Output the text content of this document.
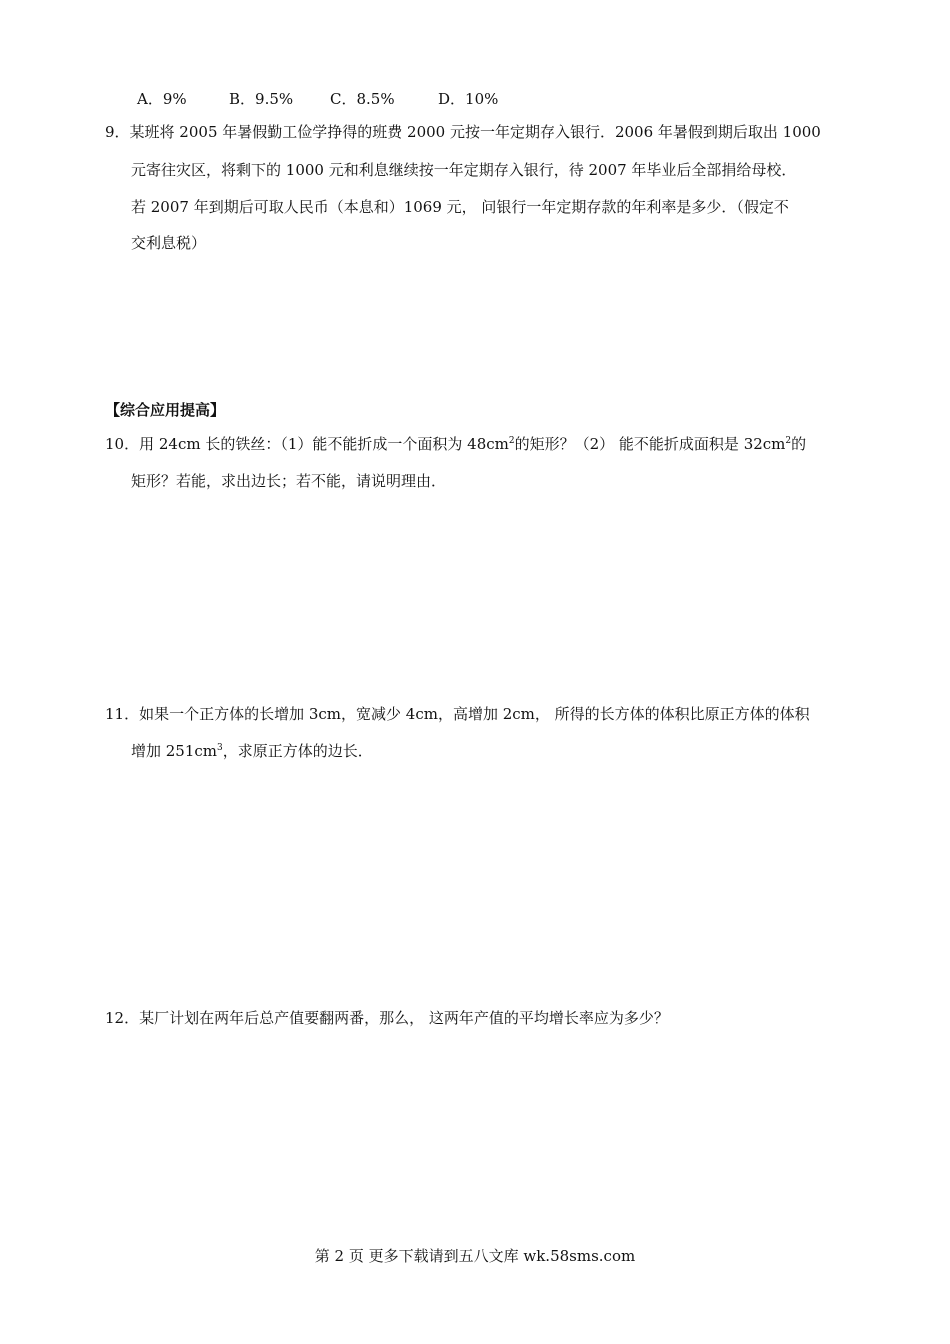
A．9%	B．9.5% C．8.5%	D．10%
9．某班将 2005 年暑假勤工俭学挣得的班费 2000 元按一年定期存入银行．2006 年暑假到期后取出 1000
元寄往灾区，将剩下的 1000 元和利息继续按一年定期存入银行，待 2007 年毕业后全部捐给母校．
若 2007 年到期后可取人民币（本息和）1069 元， 问银行一年定期存款的年利率是多少．（假定不
交利息税）
【综合应用提高】
10．用 24cm 长的铁丝：（1）能不能折成一个面积为 $48cm^2$的矩形？（2） 能不能折成面积是 $32cm^2$的
矩形？若能，求出边长；若不能，请说明理由．
11．如果一个正方体的长增加 3cm，宽减少 4cm，高增加 2cm， 所得的长方体的体积比原正方体的体积
增加 $251cm^3$，求原正方体的边长．
12．某厂计划在两年后总产值要翻两番，那么， 这两年产值的平均增长率应为多少？
第 2 页 更多下载请到五八文库 wk.58sms.com
